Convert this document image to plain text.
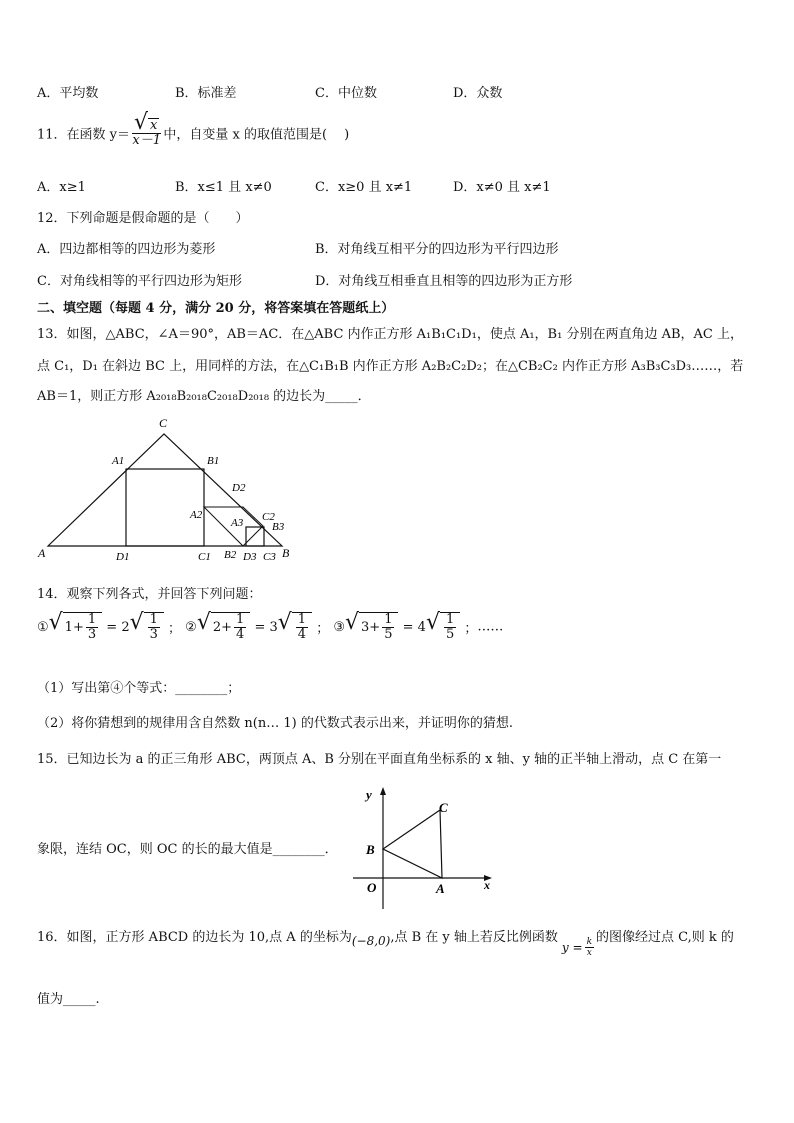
A．平均数	B．标准差	C．中位数	D．众数
11．在函数 y＝ √ $\frac{x}{x-1}$ 中，自变量 x 的取值范围是(　 )
A．x≥1	B．x≤1 且 x≠0	C．x≥0 且 x≠1	D．x≠0 且 x≠1
12．下列命题是假命题的是（　　）
A．四边都相等的四边形为菱形	B．对角线互相平分的四边形为平行四边形
C．对角线相等的平行四边形为矩形	D．对角线互相垂直且相等的四边形为正方形
二、填空题（每题 4 分，满分 20 分，将答案填在答题纸上）
13．如图，△ABC，∠A＝90°，AB＝AC．在△ABC 内作正方形 A₁B₁C₁D₁，使点 A₁，B₁ 分别在两直角边 AB，AC 上，
点 C₁，D₁ 在斜边 BC 上，用同样的方法，在△C₁B₁B 内作正方形 A₂B₂C₂D₂；在△CB₂C₂ 内作正方形 A₃B₃C₃D₃……，若
AB＝1，则正方形 A₂₀₁₈B₂₀₁₈C₂₀₁₈D₂₀₁₈ 的边长为_____．
C
A1	B1
D2
A2
A3 C2
B3
A	D1	C1 B2 D3 C3 B
14．观察下列各式，并回答下列问题：
① √ $1+ \frac{1}{3} = 2$ √ $\frac{1}{3}$ ； ② √ $2+ \frac{1}{4} = 3$ √ $\frac{1}{4}$ ； ③ √ $3+ \frac{1}{5} = 4$ √ $\frac{1}{5}$ ；……
（1）写出第④个等式：________；
（2）将你猜想到的规律用含自然数 n(n… 1) 的代数式表示出来，并证明你的猜想.
15．已知边长为 a 的正三角形 ABC，两顶点 A、B 分别在平面直角坐标系的 x 轴、y 轴的正半轴上滑动，点 C 在第一
象限，连结 OC，则 OC 的长的最大值是________．
y
C
B
O	A	x
16．如图，正方形 ABCD 的边长为 10,点 A 的坐标为(−8,0),点 B 在 y 轴上若反比例函数$y = \frac{k}{x}$ 的图像经过点 C,则 k 的
值为_____.
